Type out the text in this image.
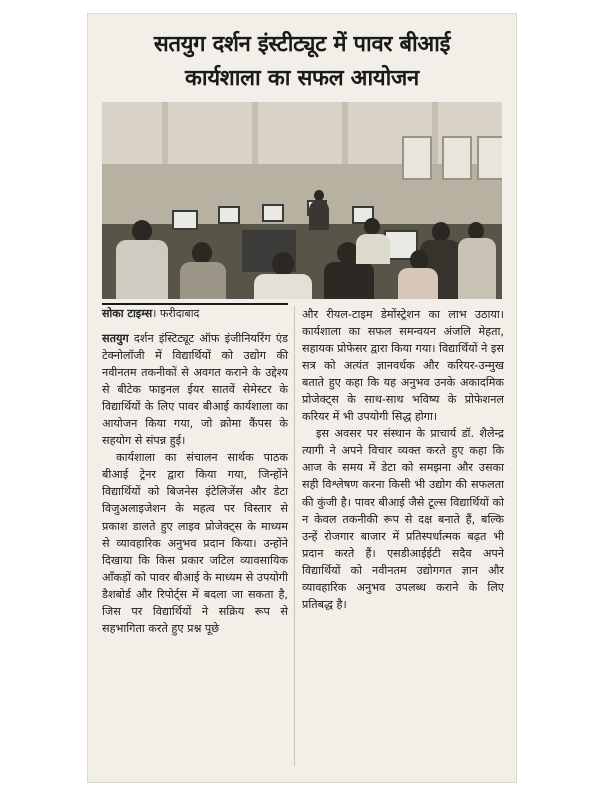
सतयुग दर्शन इंस्टीट्यूट में पावर बीआई
कार्यशाला का सफल आयोजन
सोका टाइम्स। फरीदाबाद

सतयुग दर्शन इंस्टिट्यूट ऑफ इंजीनियरिंग एंड टेक्नोलॉजी में विद्यार्थियों को उद्योग की नवीनतम तकनीकों से अवगत कराने के उद्देश्य से बीटेक फाइनल ईयर सातवें सेमेस्टर के विद्यार्थियों के लिए पावर बीआई कार्यशाला का आयोजन किया गया, जो क्रोमा कैंपस के सहयोग से संपन्न हुई।

कार्यशाला का संचालन सार्थक पाठक बीआई ट्रेनर द्वारा किया गया, जिन्होंने विद्यार्थियों को बिजनेस इंटेलिजेंस और डेटा विजुअलाइजेशन के महत्व पर विस्तार से प्रकाश डालते हुए लाइव प्रोजेक्ट्स के माध्यम से व्यावहारिक अनुभव प्रदान किया। उन्होंने दिखाया कि किस प्रकार जटिल व्यावसायिक आँकड़ों को पावर बीआई के माध्यम से उपयोगी डैशबोर्ड और रिपोर्ट्स में बदला जा सकता है, जिस पर विद्यार्थियों ने सक्रिय रूप से सहभागिता करते हुए प्रश्न पूछे

और रीयल-टाइम डेमोंस्ट्रेशन का लाभ उठाया। कार्यशाला का सफल समन्वयन अंजलि मेहता, सहायक प्रोफेसर द्वारा किया गया। विद्यार्थियों ने इस सत्र को अत्यंत ज्ञानवर्धक और करियर-उन्मुख बताते हुए कहा कि यह अनुभव उनके अकादमिक प्रोजेक्ट्स के साथ-साथ भविष्य के प्रोफेशनल करियर में भी उपयोगी सिद्ध होगा।

इस अवसर पर संस्थान के प्राचार्य डॉ. शैलेन्द्र त्यागी ने अपने विचार व्यक्त करते हुए कहा कि आज के समय में डेटा को समझना और उसका सही विश्लेषण करना किसी भी उद्योग की सफलता की कुंजी है। पावर बीआई जैसे टूल्स विद्यार्थियों को न केवल तकनीकी रूप से दक्ष बनाते हैं, बल्कि उन्हें रोजगार बाजार में प्रतिस्पर्धात्मक बढ़त भी प्रदान करते हैं। एसडीआईईटी सदैव अपने विद्यार्थियों को नवीनतम उद्योगगत ज्ञान और व्यावहारिक अनुभव उपलब्ध कराने के लिए प्रतिबद्ध है।
